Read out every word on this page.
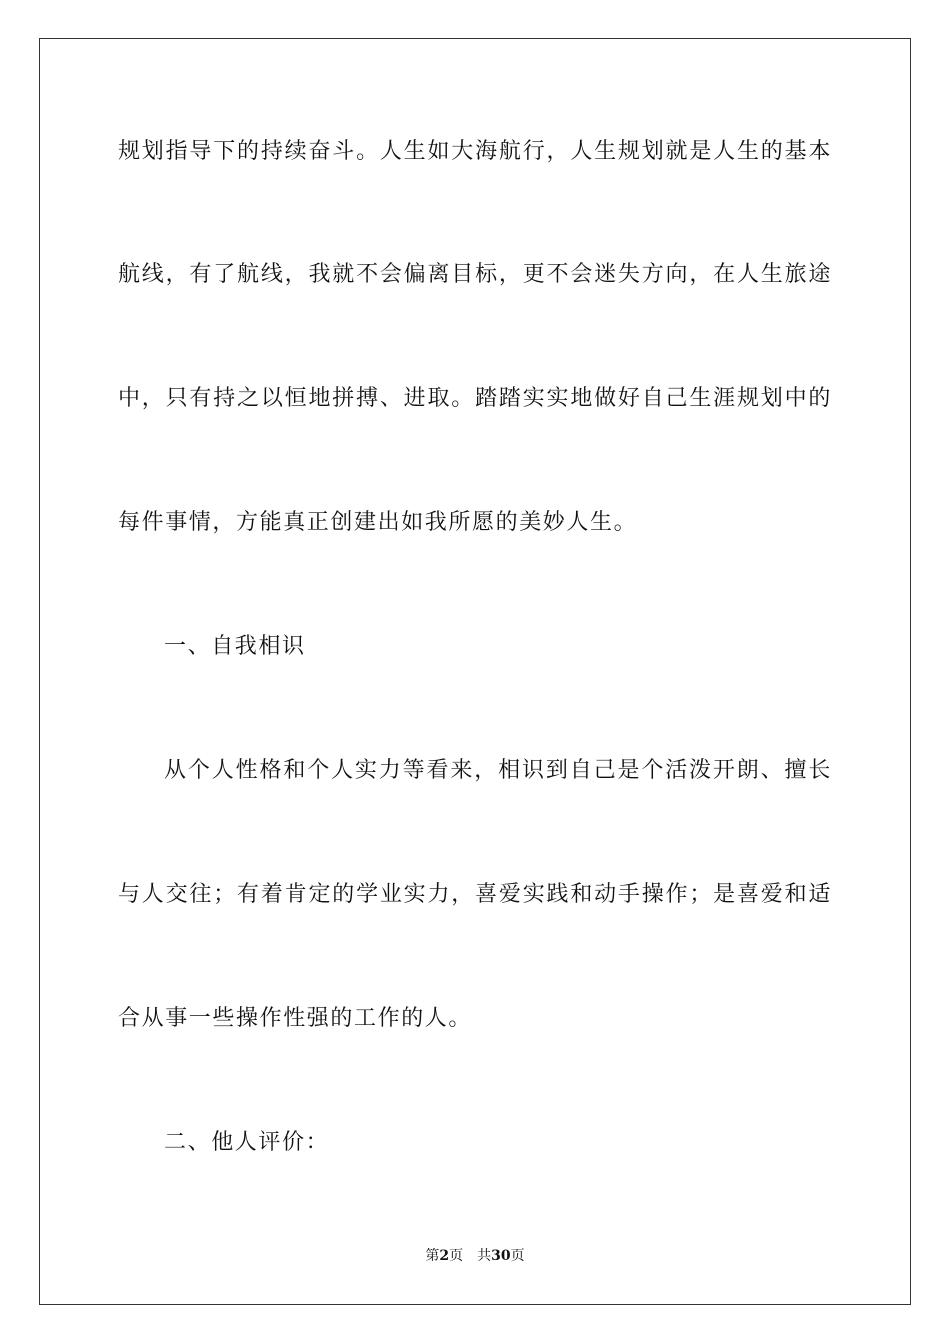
规划指导下的持续奋斗。人生如大海航行，人生规划就是人生的基本
航线，有了航线，我就不会偏离目标，更不会迷失方向，在人生旅途
中，只有持之以恒地拼搏、进取。踏踏实实地做好自己生涯规划中的
每件事情，方能真正创建出如我所愿的美妙人生。
一、自我相识
从个人性格和个人实力等看来，相识到自己是个活泼开朗、擅长
与人交往；有着肯定的学业实力，喜爱实践和动手操作；是喜爱和适
合从事一些操作性强的工作的人。
二、他人评价：
第2页 共30页
